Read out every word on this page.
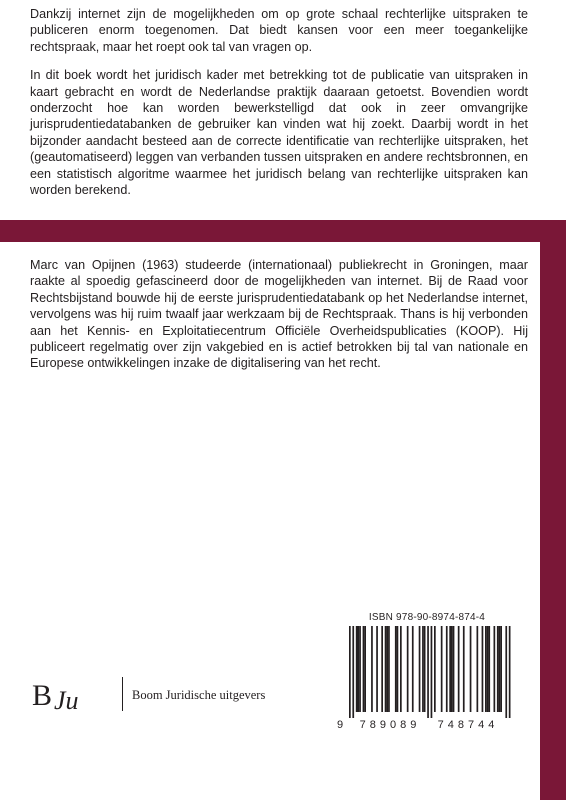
Dankzij internet zijn de mogelijkheden om op grote schaal rechterlijke uitspraken te publiceren enorm toegenomen. Dat biedt kansen voor een meer toegankelijke rechtspraak, maar het roept ook tal van vragen op.

In dit boek wordt het juridisch kader met betrekking tot de publicatie van uitspraken in kaart gebracht en wordt de Nederlandse praktijk daaraan getoetst. Bovendien wordt onderzocht hoe kan worden bewerkstelligd dat ook in zeer omvangrijke jurisprudentiedatabanken de gebruiker kan vinden wat hij zoekt. Daarbij wordt in het bijzonder aandacht besteed aan de correcte identificatie van rechterlijke uitspraken, het (geautomatiseerd) leggen van verbanden tussen uitspraken en andere rechtsbronnen, en een statistisch algoritme waarmee het juridisch belang van rechterlijke uitspraken kan worden berekend.

Marc van Opijnen (1963) studeerde (internationaal) publiekrecht in Groningen, maar raakte al spoedig gefascineerd door de mogelijkheden van internet. Bij de Raad voor Rechtsbijstand bouwde hij de eerste jurisprudentiedatabank op het Nederlandse internet, vervolgens was hij ruim twaalf jaar werkzaam bij de Rechtspraak. Thans is hij verbonden aan het Kennis- en Exploitatiecentrum Officiële Overheidspublicaties (KOOP). Hij publiceert regelmatig over zijn vakgebied en is actief betrokken bij tal van nationale en Europese ontwikkelingen inzake de digitalisering van het recht.

B Ju	Boom Juridische uitgevers
ISBN 978-90-8974-874-4
9	789089	748744
